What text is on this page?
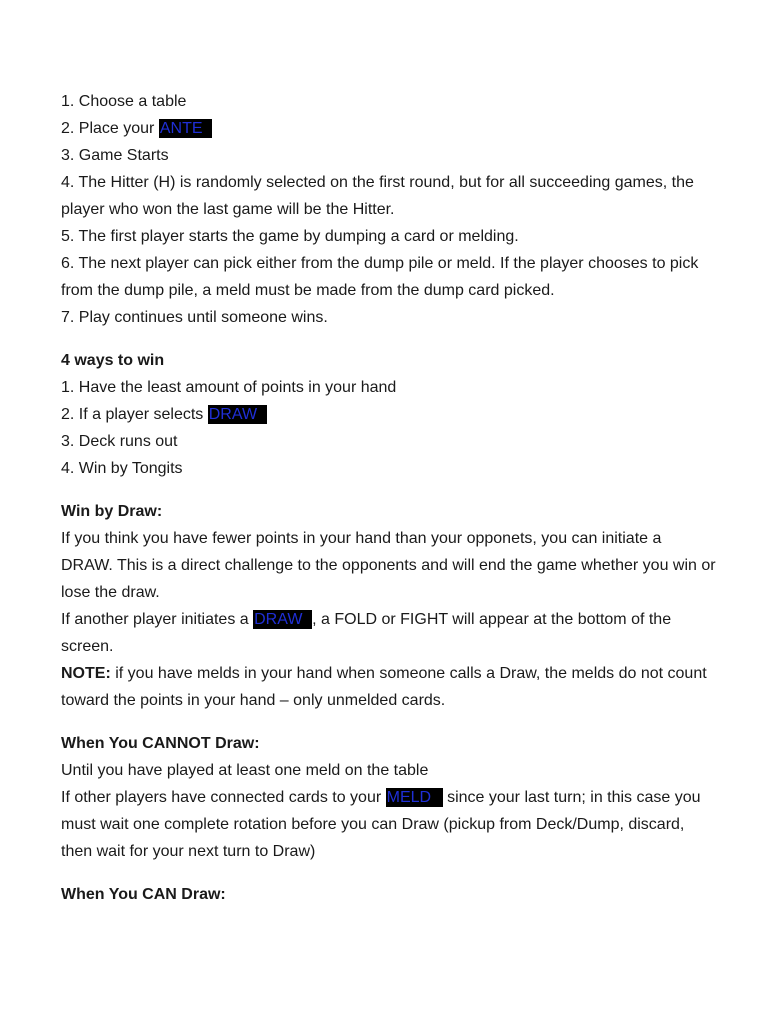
1. Choose a table

2. Place your ANTE

3. Game Starts

4. The Hitter (H) is randomly selected on the first round, but for all succeeding games, the player who won the last game will be the Hitter.

5. The first player starts the game by dumping a card or melding.

6. The next player can pick either from the dump pile or meld. If the player chooses to pick from the dump pile, a meld must be made from the dump card picked.

7. Play continues until someone wins.

4 ways to win

1. Have the least amount of points in your hand

2. If a player selects DRAW

3. Deck runs out

4. Win by Tongits

Win by Draw:

If you think you have fewer points in your hand than your opponets, you can initiate a DRAW. This is a direct challenge to the opponents and will end the game whether you win or lose the draw.

If another player initiates a DRAW , a FOLD or FIGHT will appear at the bottom of the screen.

NOTE: if you have melds in your hand when someone calls a Draw, the melds do not count toward the points in your hand – only unmelded cards.

When You CANNOT Draw:

Until you have played at least one meld on the table

If other players have connected cards to your MELD since your last turn; in this case you must wait one complete rotation before you can Draw (pickup from Deck/Dump, discard, then wait for your next turn to Draw)

When You CAN Draw:
